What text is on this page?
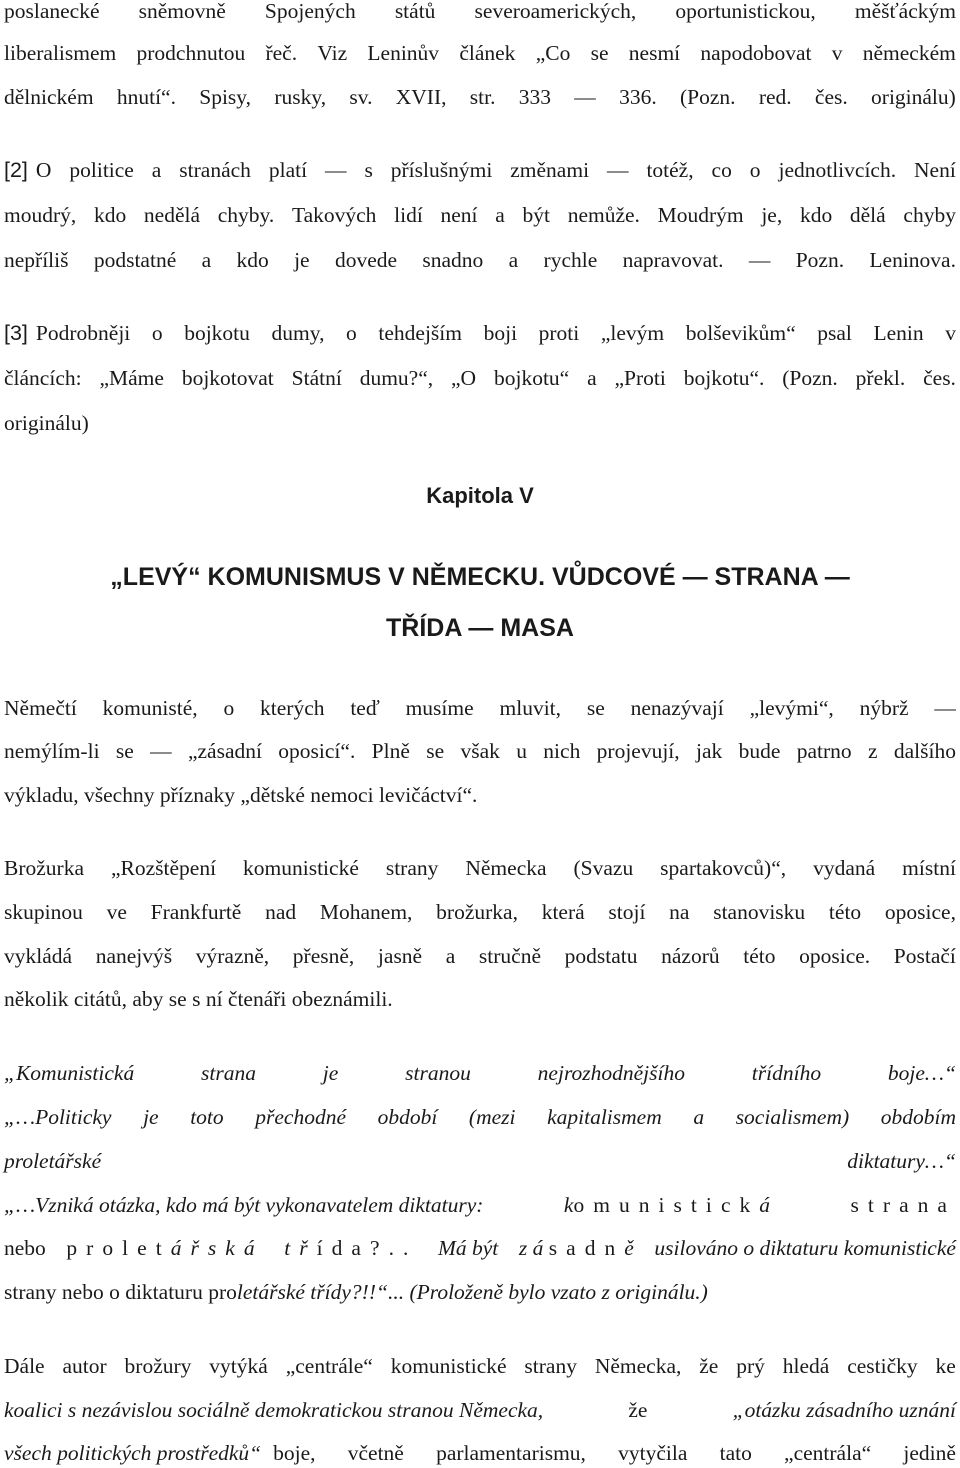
poslanecké sněmovně Spojených států severoamerických, oportunistickou, měšťáckým
liberalismem prodchnutou řeč. Viz Leninův článek „Co se nesmí napodobovat v německém
dělnickém hnutí“. Spisy, rusky, sv. XVII, str. 333 — 336. (Pozn. red. čes. originálu)
[2] O politice a stranách platí — s příslušnými změnami — totéž, co o jednotlivcích. Není
moudrý, kdo nedělá chyby. Takových lidí není a být nemůže. Moudrým je, kdo dělá chyby
nepříliš podstatné a kdo je dovede snadno a rychle napravovat. — Pozn. Leninova.
[3] Podrobněji o bojkotu dumy, o tehdejším boji proti „levým bolševikům“ psal Lenin v
článcích: „Máme bojkotovat Státní dumu?“, „O bojkotu“ a „Proti bojkotu“. (Pozn. překl. čes.
originálu)
Kapitola V
„LEVÝ“ KOMUNISMUS V NĚMECKU. VŮDCOVÉ — STRANA —
TŘÍDA — MASA
Němečtí komunisté, o kterých teď musíme mluvit, se nenazývají „levými“, nýbrž —
nemýlím-li se — „zásadní oposicí“. Plně se však u nich projevují, jak bude patrno z dalšího
výkladu, všechny příznaky „dětské nemoci levičáctví“.
Brožurka „Rozštěpení komunistické strany Německa (Svazu spartakovců)“, vydaná místní
skupinou ve Frankfurtě nad Mohanem, brožurka, která stojí na stanovisku této oposice,
vykládá nanejvýš výrazně, přesně, jasně a stručně podstatu názorů této oposice. Postačí
několik citátů, aby se s ní čtenáři obeznámili.
„Komunistická	strana	je	stranou	nejrozhodnějšího	třídního	boje…“
„…Politicky je toto přechodné období (mezi kapitalismem a socialismem) obdobím
proletářské	diktatury…“
„…Vzniká otázka, kdo má být vykonavatelem diktatury:	komunistická	strana
nebo proletářská třída?.. Má být z á sadně usilováno o diktaturu komunistické
strany nebo o diktaturu proletářské třídy?!!“... (Proloženě bylo vzato z originálu.)
Dále autor brožury vytýká „centrále“ komunistické strany Německa, že prý hledá cestičky ke
koalici s nezávislou sociálně demokratickou stranou Německa,	že	„otázku zásadního uznání
všech politických prostředků“ boje, včetně parlamentarismu, vytyčila tato „centrála“ jedině
